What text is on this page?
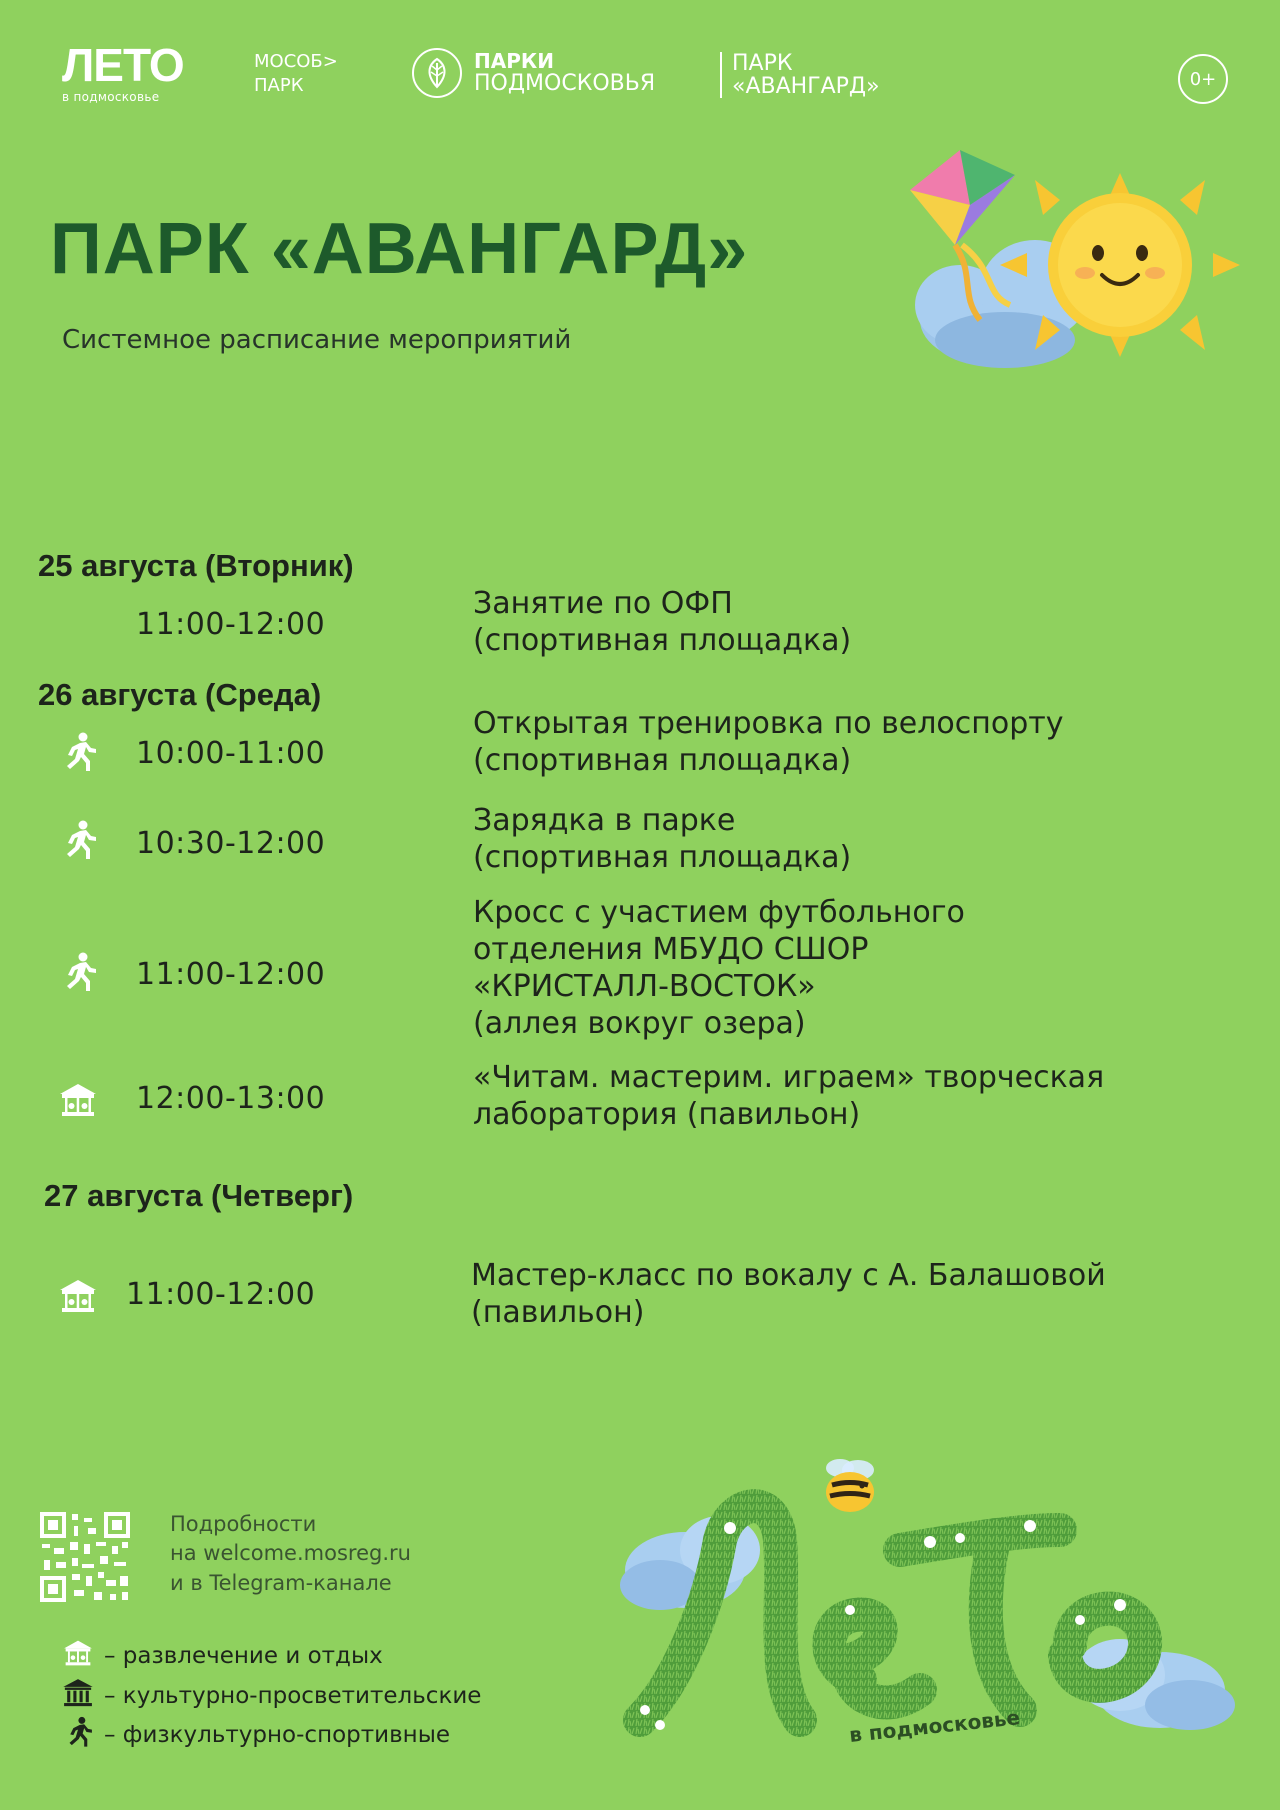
ЛЕТО
в подмосковье
МОСОБ>
ПАРК
ПАРКИ
ПОДМОСКОВЬЯ
ПАРК
«АВАНГАРД»	0+
ПАРК «АВАНГАРД»
Системное расписание мероприятий
25 августа (Вторник)
11:00-12:00
Занятие по ОФП
(спортивная площадка)
26 августа (Среда)
10:00-11:00
Открытая тренировка по велоспорту
(спортивная площадка)
10:30-12:00
Зарядка в парке
(спортивная площадка)
11:00-12:00
Кросс с участием футбольного
отделения МБУДО СШОР
«КРИСТАЛЛ-ВОСТОК»
(аллея вокруг озера)
12:00-13:00
«Читам. мастерим. играем» творческая
лаборатория (павильон)
27 августа (Четверг)
11:00-12:00
Мастер-класс по вокалу с А. Балашовой
(павильон)
Подробности
на welcome.mosreg.ru
и в Telegram-канале
– развлечение и отдых
– культурно-просветительские
– физкультурно-спортивные	в подмосковье
